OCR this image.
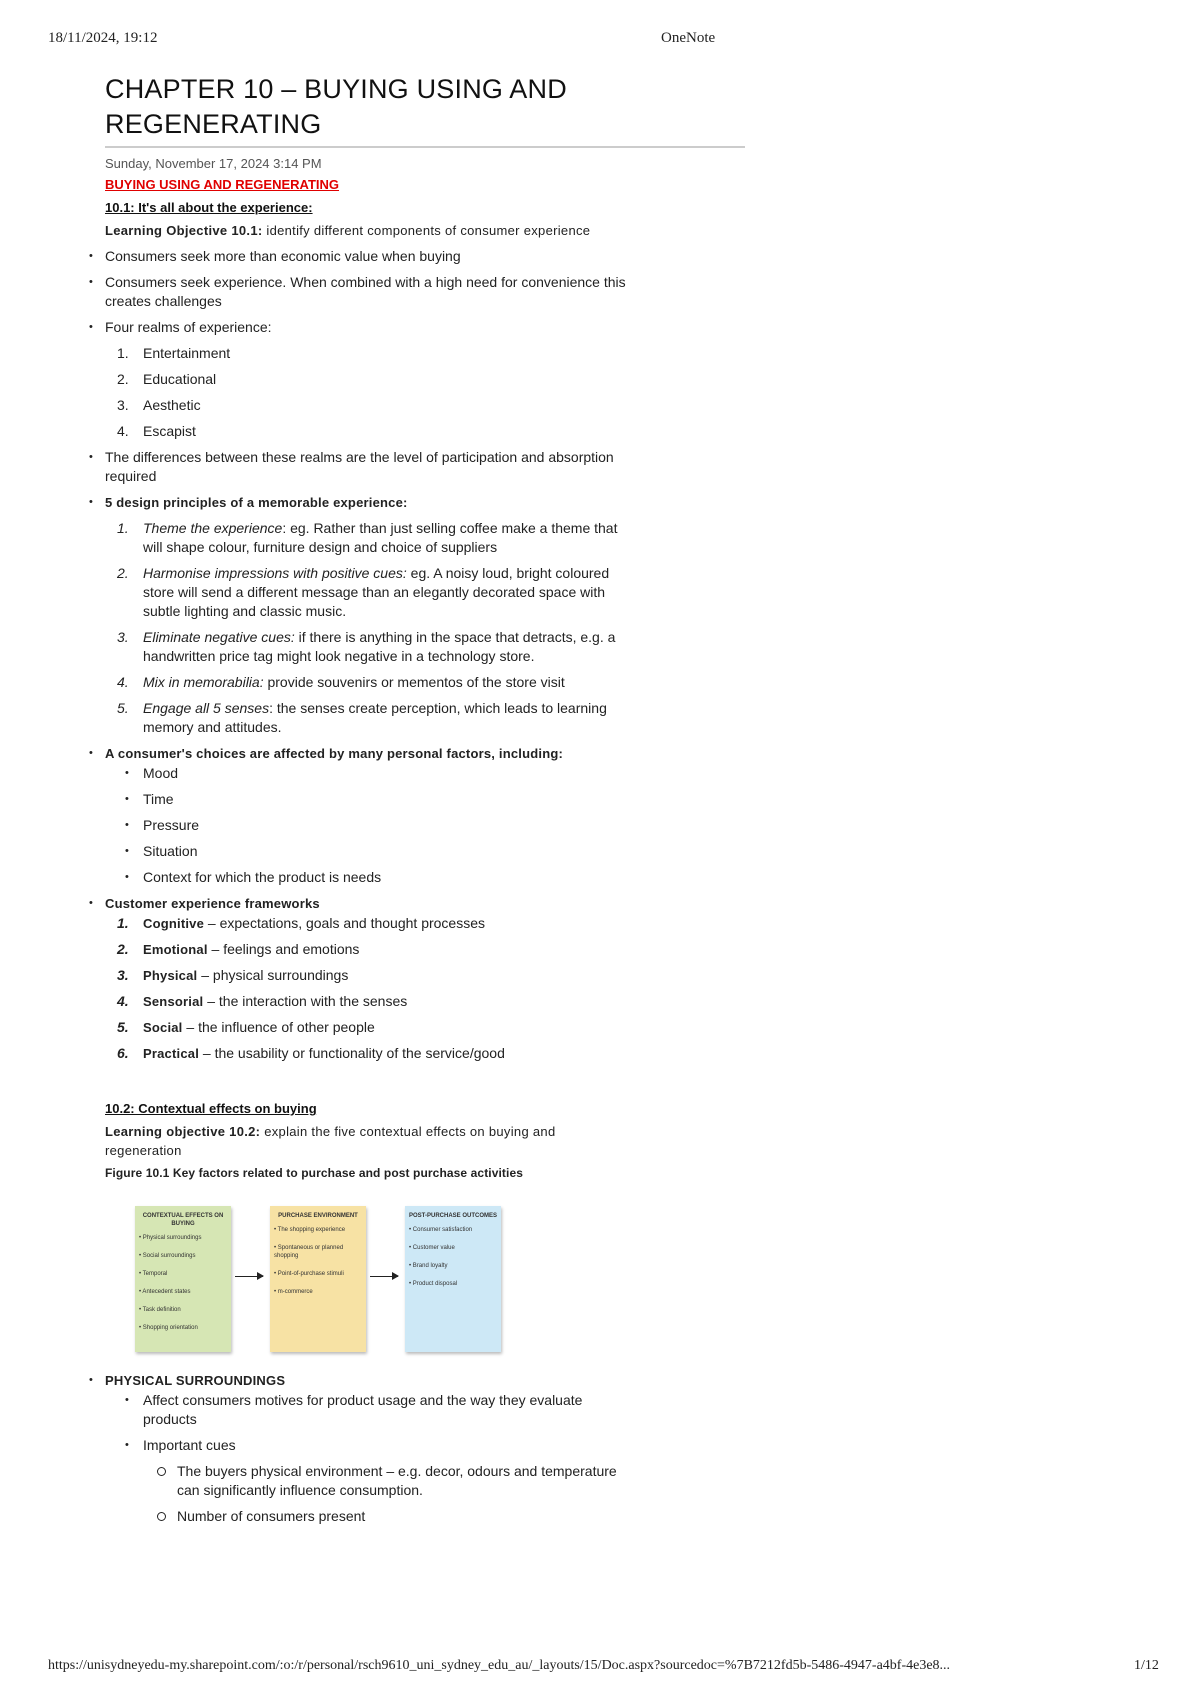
18/11/2024, 19:12	OneNote
CHAPTER 10 – BUYING USING AND REGENERATING
Sunday, November 17, 2024 3:14 PM
BUYING USING AND REGENERATING
10.1: It's all about the experience:
Learning Objective 10.1: identify different components of consumer experience
• Consumers seek more than economic value when buying
• Consumers seek experience. When combined with a high need for convenience this creates challenges
• Four realms of experience:
1. Entertainment
2. Educational
3. Aesthetic
4. Escapist
• The differences between these realms are the level of participation and absorption required
• 5 design principles of a memorable experience:
1. Theme the experience: eg. Rather than just selling coffee make a theme that will shape colour, furniture design and choice of suppliers
2. Harmonise impressions with positive cues: eg. A noisy loud, bright coloured store will send a different message than an elegantly decorated space with subtle lighting and classic music.
3. Eliminate negative cues: if there is anything in the space that detracts, e.g. a handwritten price tag might look negative in a technology store.
4. Mix in memorabilia: provide souvenirs or mementos of the store visit
5. Engage all 5 senses: the senses create perception, which leads to learning memory and attitudes.
• A consumer's choices are affected by many personal factors, including:
• Mood
• Time
• Pressure
• Situation
• Context for which the product is needs
• Customer experience frameworks
1. Cognitive – expectations, goals and thought processes
2. Emotional – feelings and emotions
3. Physical – physical surroundings
4. Sensorial – the interaction with the senses
5. Social – the influence of other people
6. Practical – the usability or functionality of the service/good
10.2: Contextual effects on buying
Learning objective 10.2: explain the five contextual effects on buying and regeneration
Figure 10.1 Key factors related to purchase and post purchase activities
CONTEXTUAL EFFECTS ON BUYING
• Physical surroundings
• Social surroundings
• Temporal
• Antecedent states
• Task definition
• Shopping orientation
PURCHASE ENVIRONMENT
• The shopping experience
• Spontaneous or planned shopping
• Point-of-purchase stimuli
• m-commerce
POST-PURCHASE OUTCOMES
• Consumer satisfaction
• Customer value
• Brand loyalty
• Product disposal
• PHYSICAL SURROUNDINGS
• Affect consumers motives for product usage and the way they evaluate products
• Important cues
The buyers physical environment – e.g. decor, odours and temperature can significantly influence consumption.
Number of consumers present
https://unisydneyedu-my.sharepoint.com/:o:/r/personal/rsch9610_uni_sydney_edu_au/_layouts/15/Doc.aspx?sourcedoc=%7B7212fd5b-5486-4947-a4bf-4e3e8...	1/12
